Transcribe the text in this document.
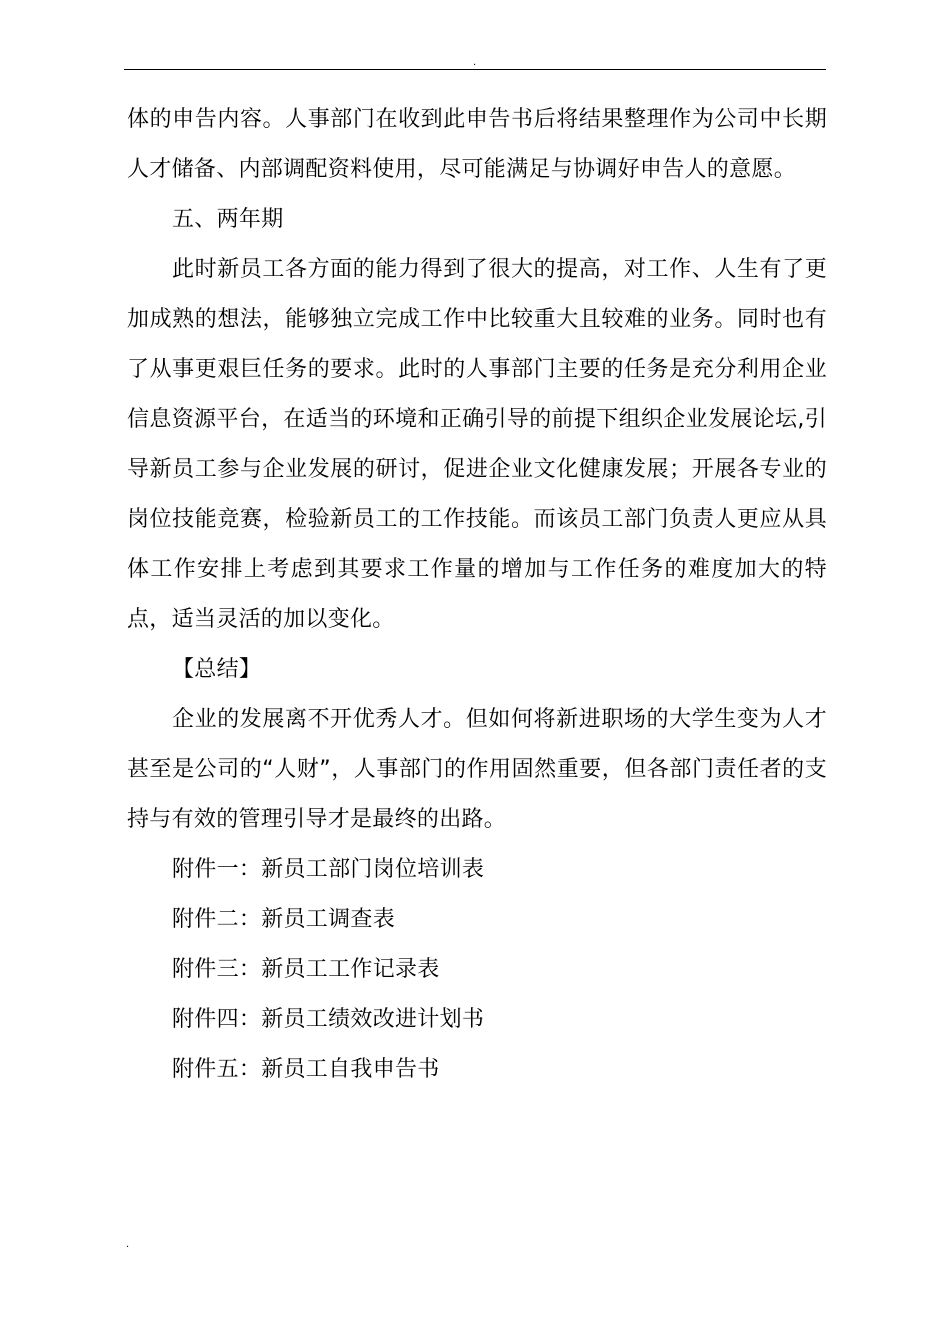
.

体的申告内容。人事部门在收到此申告书后将结果整理作为公司中长期人才储备、内部调配资料使用，尽可能满足与协调好申告人的意愿。

五、两年期

此时新员工各方面的能力得到了很大的提高，对工作、人生有了更加成熟的想法，能够独立完成工作中比较重大且较难的业务。同时也有了从事更艰巨任务的要求。此时的人事部门主要的任务是充分利用企业信息资源平台，在适当的环境和正确引导的前提下组织企业发展论坛,引导新员工参与企业发展的研讨，促进企业文化健康发展；开展各专业的岗位技能竞赛，检验新员工的工作技能。而该员工部门负责人更应从具体工作安排上考虑到其要求工作量的增加与工作任务的难度加大的特点，适当灵活的加以变化。

【总结】

企业的发展离不开优秀人才。但如何将新进职场的大学生变为人才甚至是公司的“人财”，人事部门的作用固然重要，但各部门责任者的支持与有效的管理引导才是最终的出路。

附件一：新员工部门岗位培训表

附件二：新员工调查表

附件三：新员工工作记录表

附件四：新员工绩效改进计划书

附件五：新员工自我申告书

.
